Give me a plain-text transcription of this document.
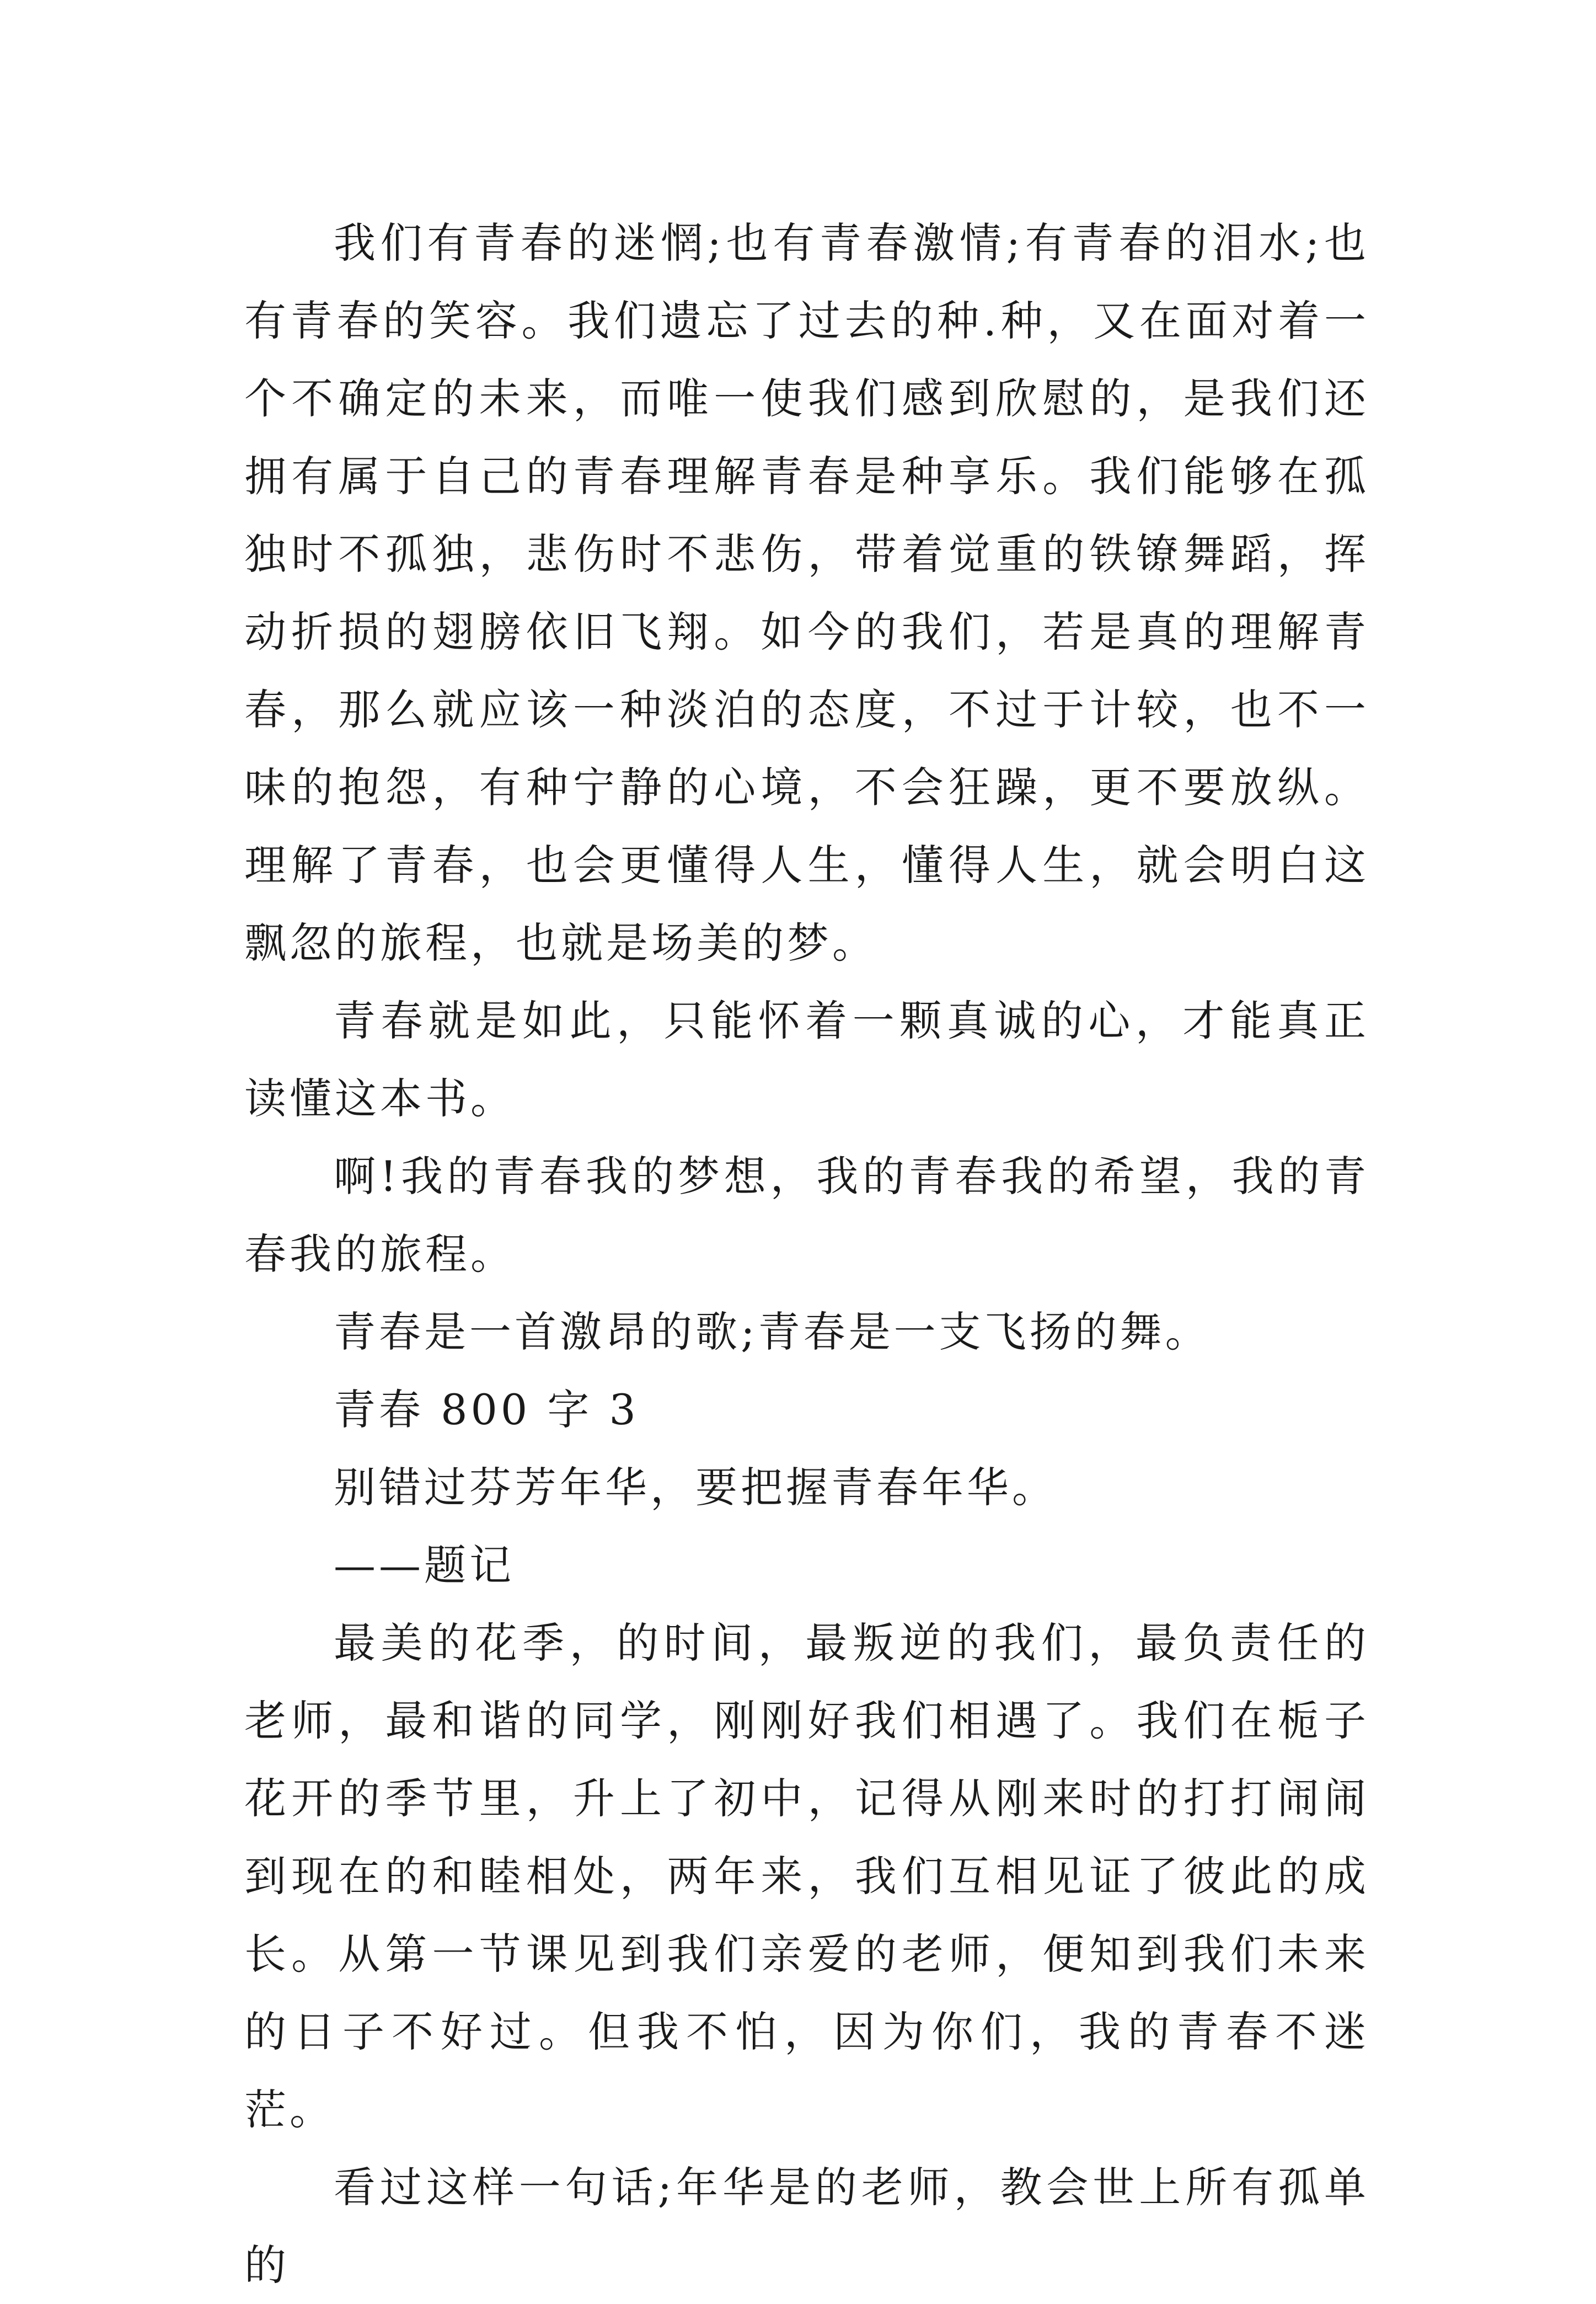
我们有青春的迷惘;也有青春激情;有青春的泪水;也有青春的笑容。我们遗忘了过去的种.种，又在面对着一个不确定的未来，而唯一使我们感到欣慰的，是我们还拥有属于自己的青春理解青春是种享乐。我们能够在孤独时不孤独，悲伤时不悲伤，带着觉重的铁镣舞蹈，挥动折损的翅膀依旧飞翔。如今的我们，若是真的理解青春，那么就应该一种淡泊的态度，不过于计较，也不一味的抱怨，有种宁静的心境，不会狂躁，更不要放纵。理解了青春，也会更懂得人生，懂得人生，就会明白这飘忽的旅程，也就是场美的梦。

青春就是如此，只能怀着一颗真诚的心，才能真正读懂这本书。

啊!我的青春我的梦想，我的青春我的希望，我的青春我的旅程。

青春是一首激昂的歌;青春是一支飞扬的舞。

青春 800 字 3

别错过芬芳年华，要把握青春年华。

——题记

最美的花季，的时间，最叛逆的我们，最负责任的老师，最和谐的同学，刚刚好我们相遇了。我们在栀子花开的季节里，升上了初中，记得从刚来时的打打闹闹到现在的和睦相处，两年来，我们互相见证了彼此的成长。从第一节课见到我们亲爱的老师，便知到我们未来的日子不好过。但我不怕，因为你们，我的青春不迷茫。

看过这样一句话;年华是的老师，教会世上所有孤单的
